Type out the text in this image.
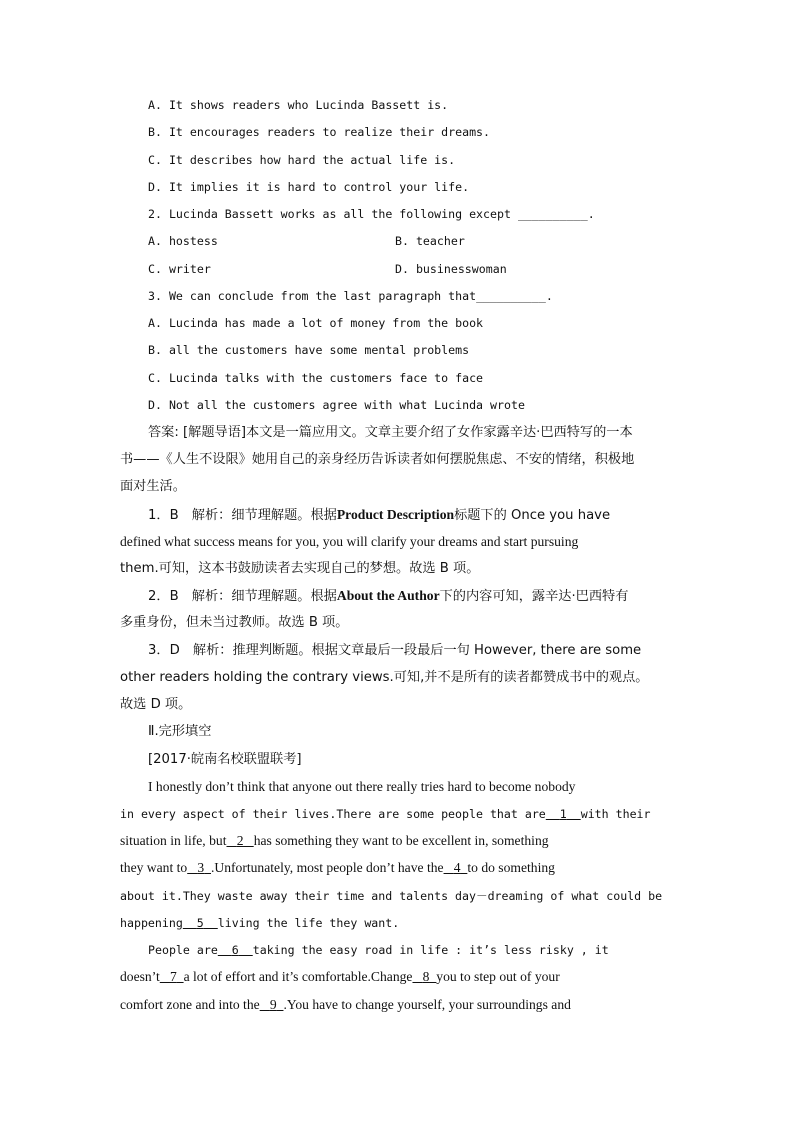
A. It shows readers who Lucinda Bassett is.
B. It encourages readers to realize their dreams.
C. It describes how hard the actual life is.
D. It implies it is hard to control your life.
2. Lucinda Bassett works as all the following except __________.
A. hostess	B. teacher
C. writer	D. businesswoman
3. We can conclude from the last paragraph that__________.
A. Lucinda has made a lot of money from the book
B. all the customers have some mental problems
C. Lucinda talks with the customers face to face
D. Not all the customers agree with what Lucinda wrote
答案: [解题导语]本文是一篇应用文。文章主要介绍了女作家露辛达·巴西特写的一本
书——《人生不设限》她用自己的亲身经历告诉读者如何摆脱焦虑、不安的情绪，积极地
面对生活。
1．B　解析：细节理解题。根据Product Description标题下的 Once you have
defined what success means for you, you will clarify your dreams and start pursuing
them.可知，这本书鼓励读者去实现自己的梦想。故选 B 项。
2．B　解析：细节理解题。根据About the Author下的内容可知，露辛达·巴西特有
多重身份，但未当过教师。故选 B 项。
3．D　解析：推理判断题。根据文章最后一段最后一句 However, there are some
other readers holding the contrary views.可知,并不是所有的读者都赞成书中的观点。
故选 D 项。
Ⅱ.完形填空
[2017·皖南名校联盟联考]
I honestly don’t think that anyone out there really tries hard to become nobody
in every aspect of their lives.There are some people that are 1 with their
situation in life, but 2 has something they want to be excellent in, something
they want to 3 .Unfortunately, most people don’t have the 4 to do something
about it.They waste away their time and talents day－dreaming of what could be
happening 5 living the life they want.
People are 6 taking the easy road in life : it’s less risky , it
doesn’t 7 a lot of effort and it’s comfortable.Change 8 you to step out of your
comfort zone and into the 9 .You have to change yourself, your surroundings and
